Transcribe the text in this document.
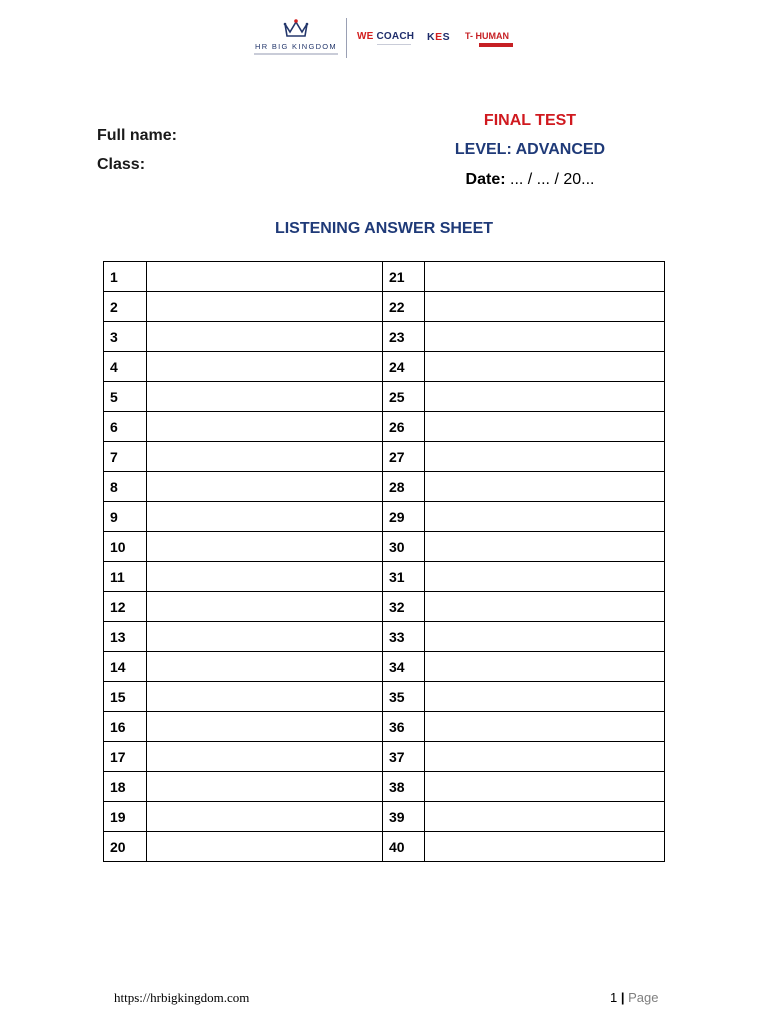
HR BIG KINGDOM
WE COACH KES T- HUMAN
Full name:
Class:
FINAL TEST
LEVEL: ADVANCED
Date: ... / ... / 20...
LISTENING ANSWER SHEET
1		21	
2		22	
3		23	
4		24	
5		25	
6		26	
7		27	
8		28	
9		29	
10		30	
11		31	
12		32	
13		33	
14		34	
15		35	
16		36	
17		37	
18		38	
19		39	
20		40	
https://hrbigkingdom.com	1 | Page
